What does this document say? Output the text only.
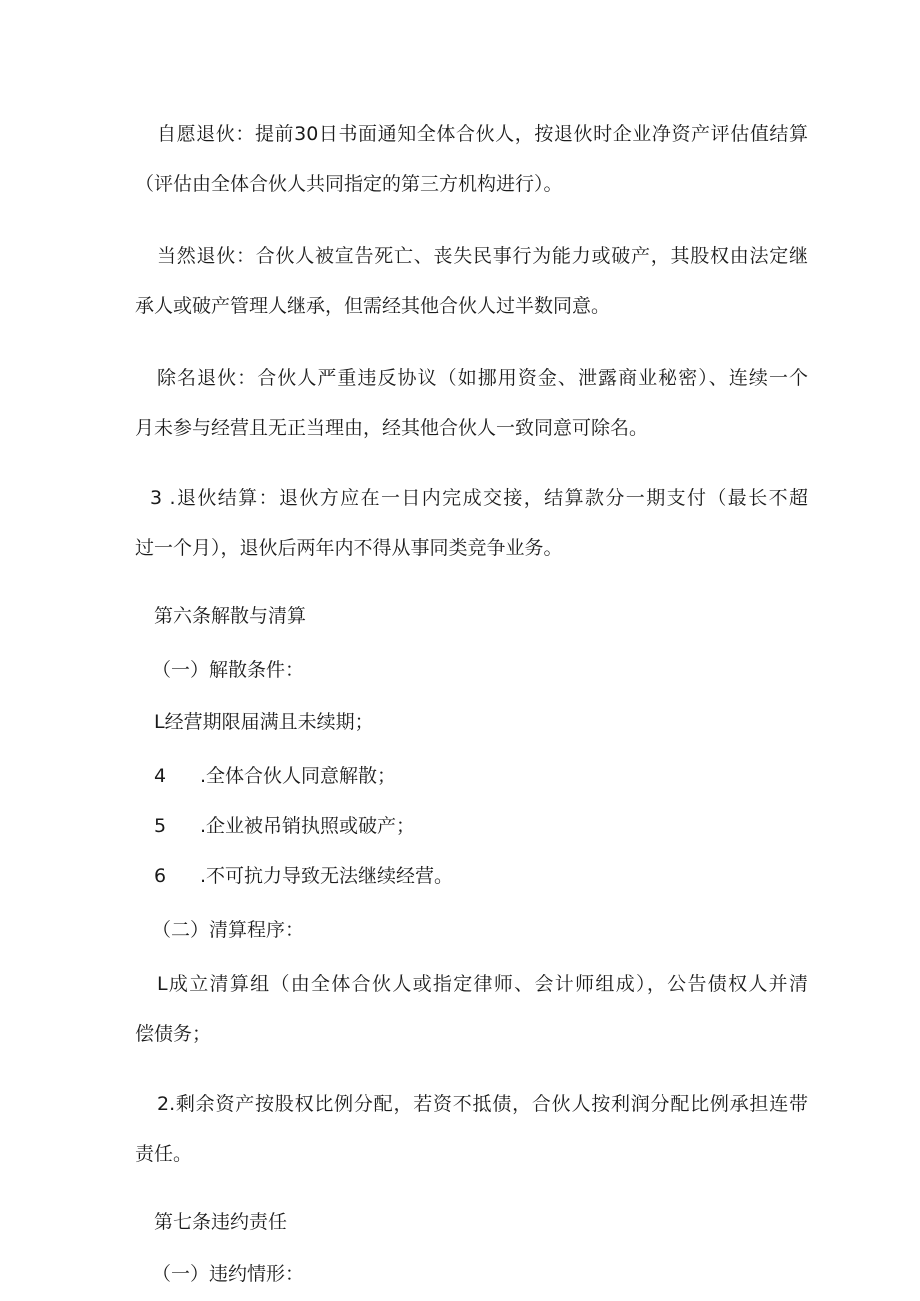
自愿退伙：提前30日书面通知全体合伙人，按退伙时企业净资产评估值结算

（评估由全体合伙人共同指定的第三方机构进行）。

当然退伙：合伙人被宣告死亡、丧失民事行为能力或破产，其股权由法定继

承人或破产管理人继承，但需经其他合伙人过半数同意。

除名退伙：合伙人严重违反协议（如挪用资金、泄露商业秘密）、连续一个

月未参与经营且无正当理由，经其他合伙人一致同意可除名。

3 .退伙结算：退伙方应在一日内完成交接，结算款分一期支付（最长不超

过一个月），退伙后两年内不得从事同类竞争业务。

第六条解散与清算

（一）解散条件：

L经营期限届满且未续期；

4 .全体合伙人同意解散；
5 .企业被吊销执照或破产；
6 .不可抗力导致无法继续经营。

（二）清算程序：

L成立清算组（由全体合伙人或指定律师、会计师组成），公告债权人并清

偿债务；

2.剩余资产按股权比例分配，若资不抵债，合伙人按利润分配比例承担连带

责任。

第七条违约责任

（一）违约情形：
